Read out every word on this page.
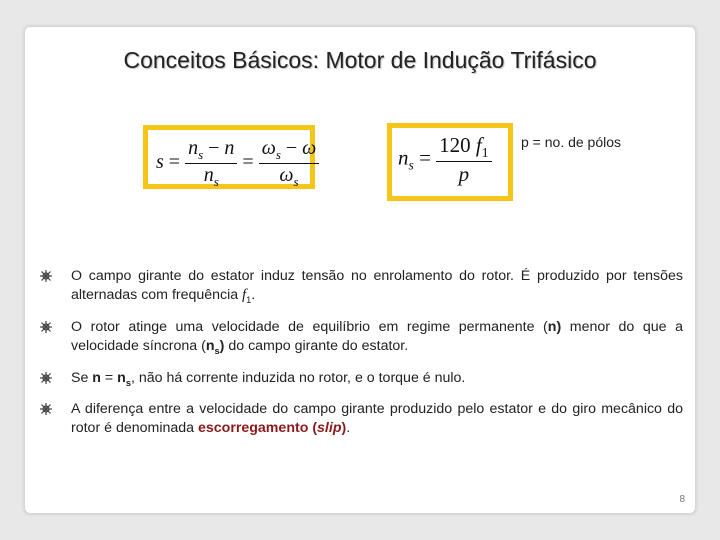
Conceitos Básicos: Motor de Indução Trifásico
$s = \frac{n_s - n}{n_s} = \frac{\omega_s - \omega}{\omega_s}$	$n_s = \frac{120 f_1}{p}$ p = no. de pólos
O campo girante do estator induz tensão no enrolamento do rotor. É produzido por tensões alternadas com frequência $f_1$.
O rotor atinge uma velocidade de equilíbrio em regime permanente (n) menor do que a velocidade síncrona $(n_s)$ do campo girante do estator.
Se $n = n_s$, não há corrente induzida no rotor, e o torque é nulo.
A diferença entre a velocidade do campo girante produzido pelo estator e do giro mecânico do rotor é denominada escorregamento (slip).
8
